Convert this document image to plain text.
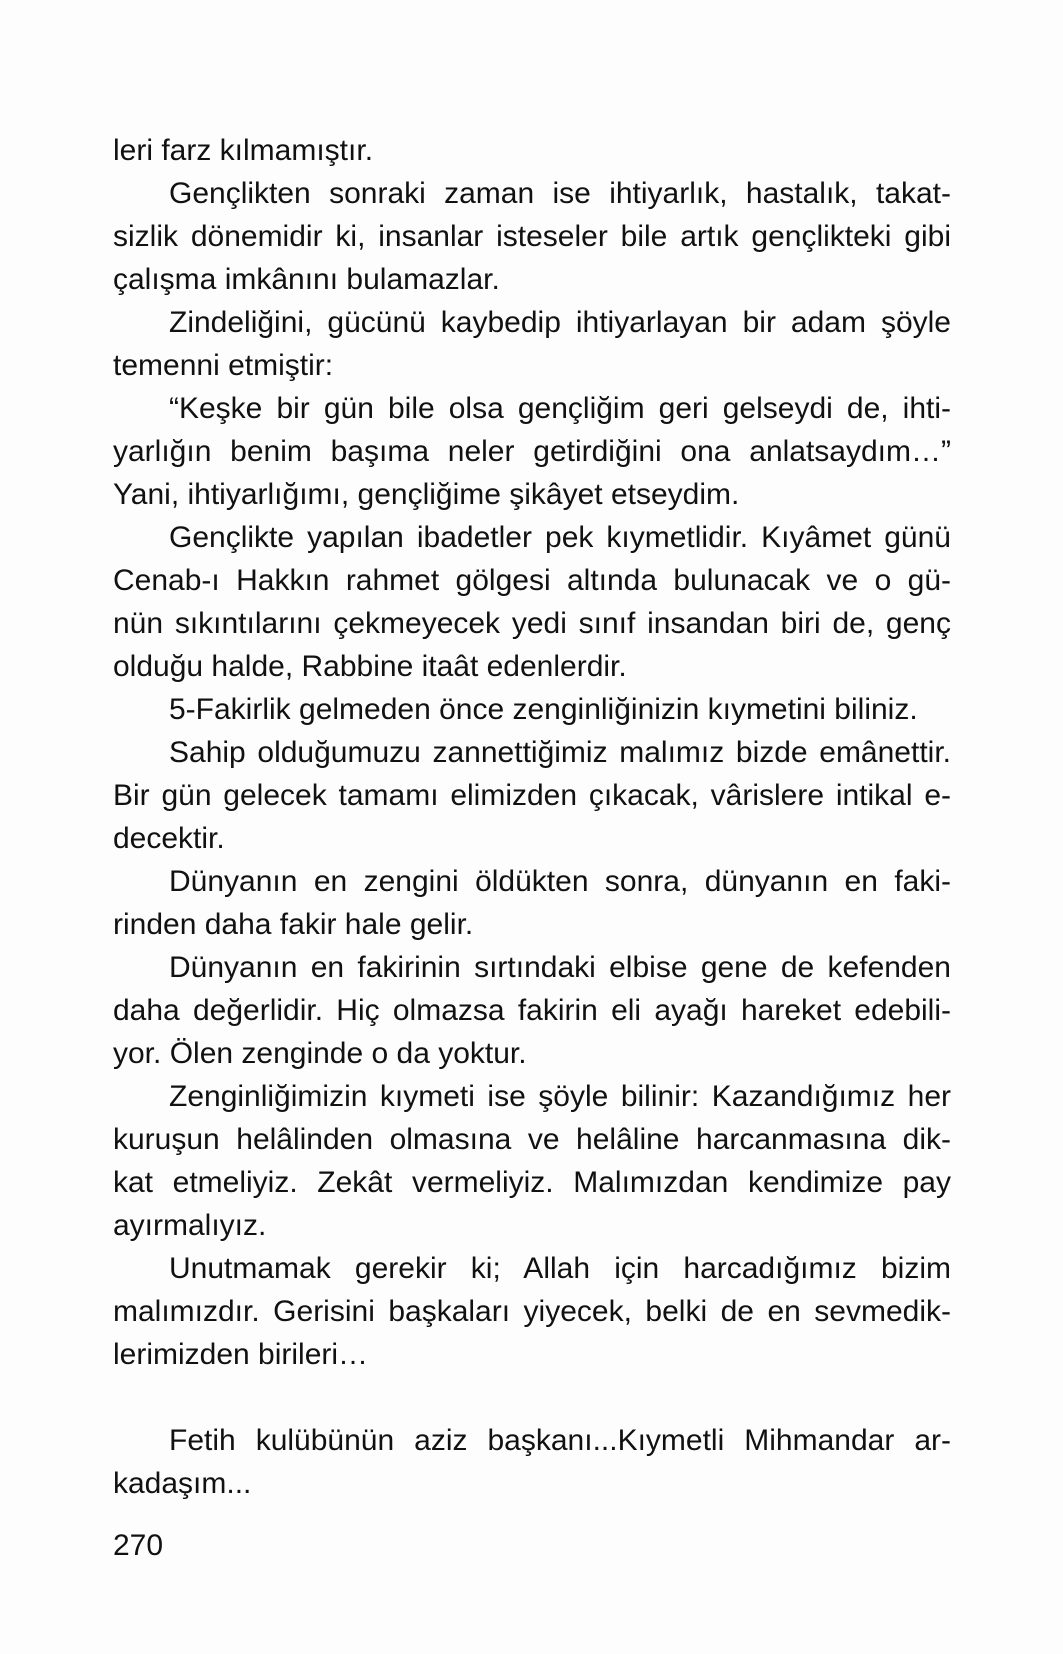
leri farz kılmamıştır.

Gençlikten sonraki zaman ise ihtiyarlık, hastalık, takat-
sizlik dönemidir ki, insanlar isteseler bile artık gençlikteki gibi
çalışma imkânını bulamazlar.

Zindeliğini, gücünü kaybedip ihtiyarlayan bir adam şöyle
temenni etmiştir:

“Keşke bir gün bile olsa gençliğim geri gelseydi de, ihti-
yarlığın benim başıma neler getirdiğini ona anlatsaydım…”
Yani, ihtiyarlığımı, gençliğime şikâyet etseydim.

Gençlikte yapılan ibadetler pek kıymetlidir. Kıyâmet günü
Cenab-ı Hakkın rahmet gölgesi altında bulunacak ve o gü-
nün sıkıntılarını çekmeyecek yedi sınıf insandan biri de, genç
olduğu halde, Rabbine itaât edenlerdir.

5-Fakirlik gelmeden önce zenginliğinizin kıymetini biliniz.

Sahip olduğumuzu zannettiğimiz malımız bizde emânettir.
Bir gün gelecek tamamı elimizden çıkacak, vârislere intikal e-
decektir.

Dünyanın en zengini öldükten sonra, dünyanın en faki-
rinden daha fakir hale gelir.

Dünyanın en fakirinin sırtındaki elbise gene de kefenden
daha değerlidir. Hiç olmazsa fakirin eli ayağı hareket edebili-
yor. Ölen zenginde o da yoktur.

Zenginliğimizin kıymeti ise şöyle bilinir: Kazandığımız her
kuruşun helâlinden olmasına ve helâline harcanmasına dik-
kat etmeliyiz. Zekât vermeliyiz. Malımızdan kendimize pay
ayırmalıyız.

Unutmamak gerekir ki; Allah için harcadığımız bizim
malımızdır. Gerisini başkaları yiyecek, belki de en sevmedik-
lerimizden birileri…

Fetih kulübünün aziz başkanı...Kıymetli Mihmandar ar-
kadaşım...

270
